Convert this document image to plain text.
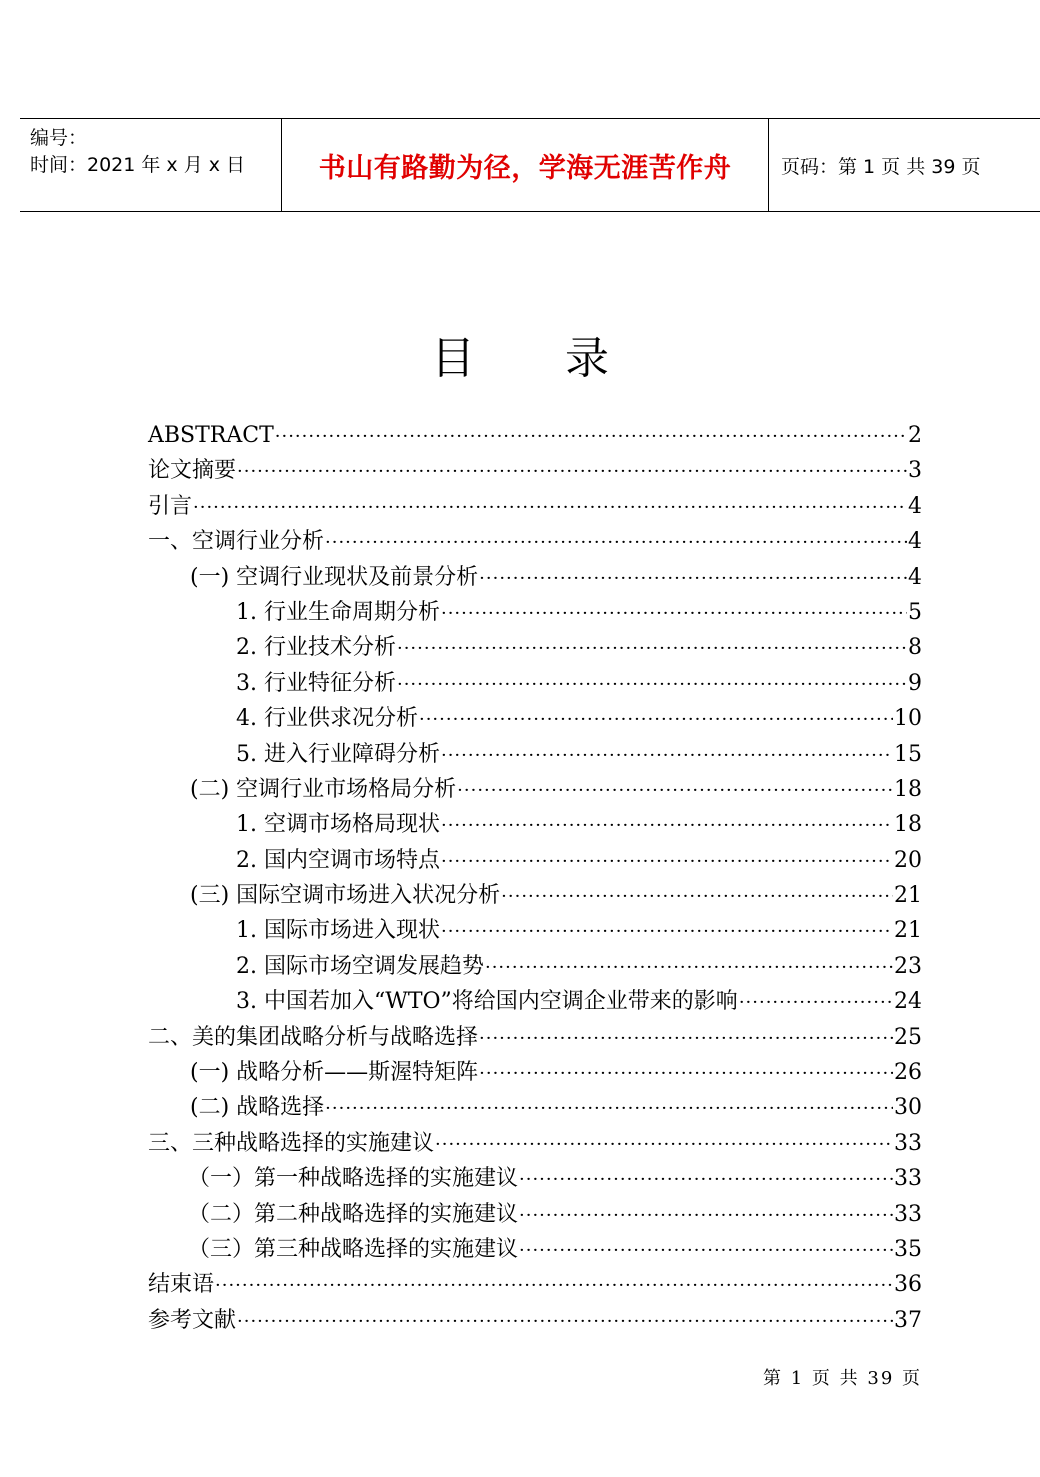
编号：
时间：2021 年 x 月 x 日	书山有路勤为径，学海无涯苦作舟	页码：第 1 页 共 39 页
目 录
ABSTRACT ·····	2
论文摘要 ·····	3
引言 ·····	4
一、空调行业分析 ·····	4
(一) 空调行业现状及前景分析 ·····	4
1. 行业生命周期分析 ·····	5
2. 行业技术分析 ·····	8
3. 行业特征分析 ·····	9
4. 行业供求况分析 ·····	10
5. 进入行业障碍分析 ·····	15
(二) 空调行业市场格局分析 ·····	18
1. 空调市场格局现状 ·····	18
2. 国内空调市场特点 ·····	20
(三) 国际空调市场进入状况分析 ·····	21
1. 国际市场进入现状 ·····	21
2. 国际市场空调发展趋势 ·····	23
3. 中国若加入“WTO”将给国内空调企业带来的影响 ·····	24
二、美的集团战略分析与战略选择 ·····	25
(一) 战略分析——斯渥特矩阵 ·····	26
(二) 战略选择 ·····	30
三、三种战略选择的实施建议 ·····	33
（一）第一种战略选择的实施建议 ·····	33
（二）第二种战略选择的实施建议 ·····	33
（三）第三种战略选择的实施建议 ·····	35
结束语 ·····	36
参考文献 ·····	37
第 1 页 共 39 页
